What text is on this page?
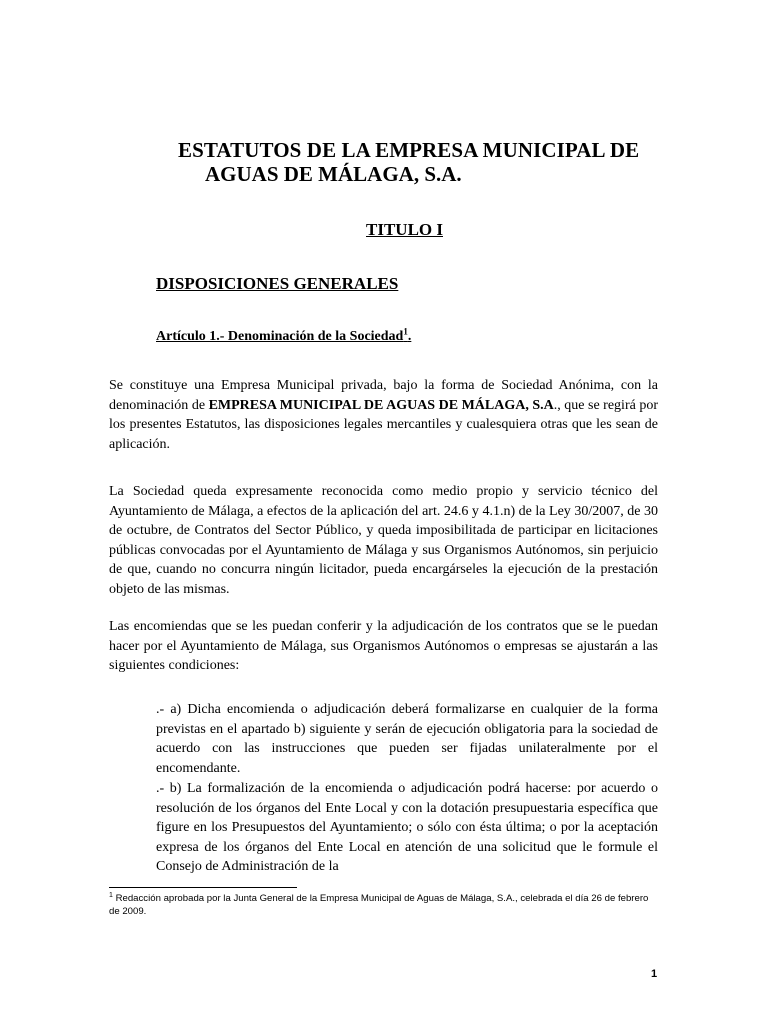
ESTATUTOS DE LA EMPRESA MUNICIPAL DE
AGUAS DE MÁLAGA, S.A.
TITULO I
DISPOSICIONES GENERALES
Artículo 1.- Denominación de la Sociedad$^1$.

Se constituye una Empresa Municipal privada, bajo la forma de Sociedad Anónima, con la denominación de EMPRESA MUNICIPAL DE AGUAS DE MÁLAGA, S.A., que se regirá por los presentes Estatutos, las disposiciones legales mercantiles y cualesquiera otras que les sean de aplicación.

La Sociedad queda expresamente reconocida como medio propio y servicio técnico del Ayuntamiento de Málaga, a efectos de la aplicación del art. 24.6 y 4.1.n) de la Ley 30/2007, de 30 de octubre, de Contratos del Sector Público, y queda imposibilitada de participar en licitaciones públicas convocadas por el Ayuntamiento de Málaga y sus Organismos Autónomos, sin perjuicio de que, cuando no concurra ningún licitador, pueda encargárseles la ejecución de la prestación objeto de las mismas.

Las encomiendas que se les puedan conferir y la adjudicación de los contratos que se le puedan hacer por el Ayuntamiento de Málaga, sus Organismos Autónomos o empresas se ajustarán a las siguientes condiciones:

.- a) Dicha encomienda o adjudicación deberá formalizarse en cualquier de la forma previstas en el apartado b) siguiente y serán de ejecución obligatoria para la sociedad de acuerdo con las instrucciones que pueden ser fijadas unilateralmente por el encomendante.

.- b) La formalización de la encomienda o adjudicación podrá hacerse: por acuerdo o resolución de los órganos del Ente Local y con la dotación presupuestaria específica que figure en los Presupuestos del Ayuntamiento; o sólo con ésta última; o por la aceptación expresa de los órganos del Ente Local en atención de una solicitud que le formule el Consejo de Administración de la

$^1$ Redacción aprobada por la Junta General de la Empresa Municipal de Aguas de Málaga, S.A., celebrada el día 26 de febrero de 2009.

1
